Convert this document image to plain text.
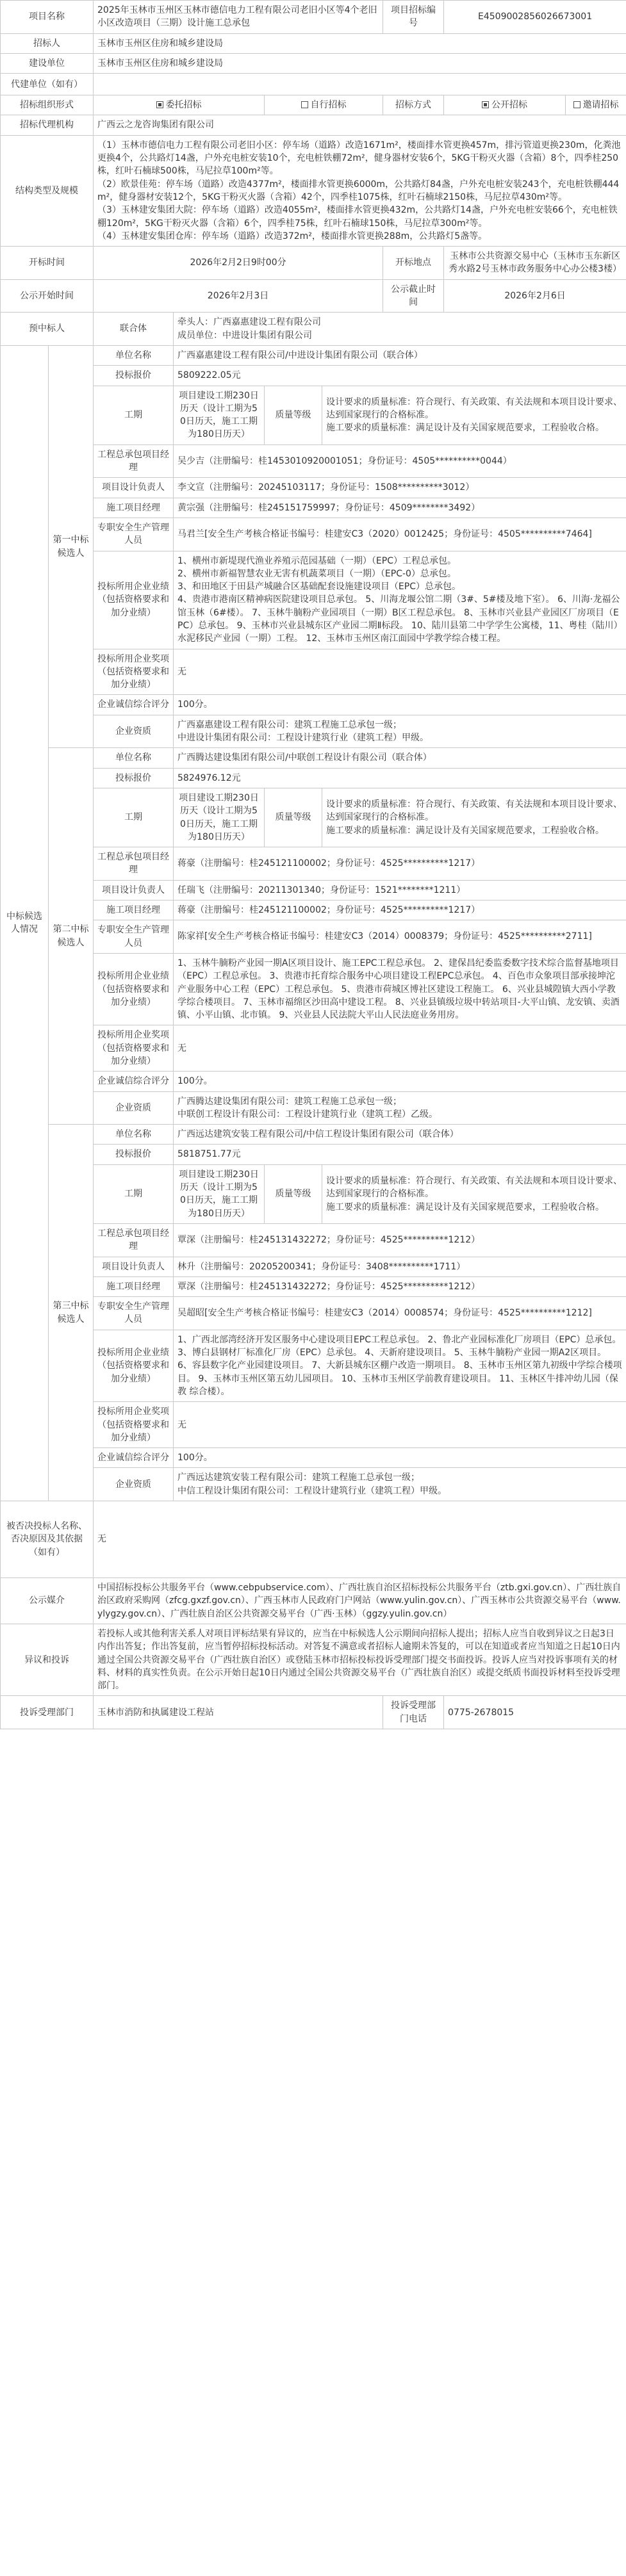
项目名称		2025年玉林市玉州区玉林市德信电力工程有限公司老旧小区等4个老旧小区改造项目（三期）设计施工总承包				项目招标编号	E4509002856026673001	
招标人		玉林市玉州区住房和城乡建设局						
建设单位		玉林市玉州区住房和城乡建设局						
代建单位（如有）								
招标组织形式		委托招标		自行招标		招标方式	公开招标	邀请招标
招标代理机构		广西云之龙咨询集团有限公司						
结构类型及规模		（1）玉林市德信电力工程有限公司老旧小区：停车场（道路）改造1671m²，楼面排水管更换457m，排污管道更换230m，化粪池更换4个，公共路灯14盏，户外充电桩安装10个，充电桩铁棚72m²，健身器材安装6个，5KG干粉灭火器（含箱）8个，四季桂250株，红叶石楠球500株，马尼拉草100m²等。
（2）欧景佳苑：停车场（道路）改造4377m²，楼面排水管更换6000m，公共路灯84盏，户外充电桩安装243个，充电桩铁棚444m²，健身器材安装12个，5KG干粉灭火器（含箱）42个，四季桂1075株，红叶石楠球2150株，马尼拉草430m²等。
（3）玉林建安集团大院：停车场（道路）改造4055m²，楼面排水管更换432m，公共路灯14盏，户外充电桩安装66个，充电桩铁棚120m²，5KG干粉灭火器（含箱）6个，四季桂75株，红叶石楠球150株，马尼拉草300m²等。
（4）玉林建安集团仓库：停车场（道路）改造372m²，楼面排水管更换288m，公共路灯5盏等。						
开标时间		2026年2月2日9时00分				开标地点	玉林市公共资源交易中心（玉林市玉东新区秀水路2号玉林市政务服务中心办公楼3楼）	
公示开始时间		2026年2月3日				公示截止时间	2026年2月6日	
预中标人		联合体	牵头人：广西嘉惠建设工程有限公司
成员单位：中进设计集团有限公司					
中标候选人情况	第一中标候选人	单位名称	广西嘉惠建设工程有限公司/中进设计集团有限公司（联合体）					
		投标报价	5809222.05元					
		工期	项目建设工期230日历天（设计工期为50日历天，施工工期为180日历天）	质量等级	设计要求的质量标准：符合现行、有关政策、有关法规和本项目设计要求、达到国家现行的合格标准。
施工要求的质量标准：满足设计及有关国家规范要求，工程验收合格。			
		工程总承包项目经理	吴少吉（注册编号：桂1453010920001051；身份证号：4505**********0044）					
		项目设计负责人	李文宣（注册编号：20245103117；身份证号：1508**********3012）					
		施工项目经理	黄宗强（注册编号：桂245151759997；身份证号：4509********3492）					
		专职安全生产管理人员	马君兰[安全生产考核合格证书编号：桂建安C3（2020）0012425；身份证号：4505**********7464]					
		投标所用企业业绩（包括资格要求和加分业绩）	1、横州市新堤现代渔业养殖示范园基础（一期）（EPC）工程总承包。
2、横州市新福智慧农业无害有机蔬菜项目（一期）（EPC-0）总承包。
3、和田地区于田县产城融合区基础配套设施建设项目（EPC）总承包。
4、贵港市港南区精神病医院建设项目总承包。 5、川海龙堰公馆二期（3#、5#楼及地下室）。 6、川海·龙福公馆玉林（6#楼）。 7、玉林牛腩粉产业园项目（一期）B区工程总承包。 8、玉林市兴业县产业园区厂房项目（EPC）总承包。 9、玉林市兴业县城东区产业园二期Ⅱ标段。 10、陆川县第二中学学生公寓楼，11、粤桂（陆川）水泥移民产业园（一期）工程。 12、玉林市玉州区南江面园中学教学综合楼工程。					

		投标所用企业奖项（包括资格要求和加分业绩）	无					
		企业诚信综合评分	100分。					
		企业资质	广西嘉惠建设工程有限公司：建筑工程施工总承包一级；
中进设计集团有限公司：工程设计建筑行业（建筑工程）甲级。					
	第二中标候选人	单位名称	广西腾达建设集团有限公司/中联创工程设计有限公司（联合体）					
		投标报价	5824976.12元					
		工期	项目建设工期230日历天（设计工期为50日历天，施工工期为180日历天）	质量等级	设计要求的质量标准：符合现行、有关政策、有关法规和本项目设计要求、达到国家现行的合格标准。
施工要求的质量标准：满足设计及有关国家规范要求，工程验收合格。			
		工程总承包项目经理	蒋豪（注册编号：桂245121100002；身份证号：4525**********1217）					
		项目设计负责人	任瑞飞（注册编号：20211301340；身份证号：1521********1211）					
		施工项目经理	蒋豪（注册编号：桂245121100002；身份证号：4525**********1217）					
		专职安全生产管理人员	陈家祥[安全生产考核合格证书编号：桂建安C3（2014）0008379；身份证号：4525**********2711]					
		投标所用企业业绩（包括资格要求和加分业绩）	1、玉林牛腩粉产业园一期A区项目设计、施工EPC工程总承包。 2、建保昌纪委监委数字技术综合监督基地项目（EPC）工程总承包。 3、贵港市托育综合服务中心项目建设工程EPC总承包。 4、百色市众象项目部承接坤沱产业服务中心工程（EPC）工程总承包。 5、贵港市荷城区博社区建设工程施工。 6、兴业县城隍镇大西小学教学综合楼项目。 7、玉林市福绵区沙田高中建设工程。 8、兴业县镇级垃圾中转站项目-大平山镇、龙安镇、卖酒镇、小平山镇、北市镇。 9、兴业县人民法院大平山人民法庭业务用房。					

		投标所用企业奖项（包括资格要求和加分业绩）	无					
		企业诚信综合评分	100分。					
		企业资质	广西腾达建设集团有限公司：建筑工程施工总承包一级；
中联创工程设计有限公司：工程设计建筑行业（建筑工程）乙级。					
	第三中标候选人	单位名称	广西远达建筑安装工程有限公司/中信工程设计集团有限公司（联合体）					
		投标报价	5818751.77元					
		工期	项目建设工期230日历天（设计工期为50日历天，施工工期为180日历天）	质量等级	设计要求的质量标准：符合现行、有关政策、有关法规和本项目设计要求、达到国家现行的合格标准。
施工要求的质量标准：满足设计及有关国家规范要求，工程验收合格。			
		工程总承包项目经理	覃深（注册编号：桂245131432272；身份证号：4525**********1212）					
		项目设计负责人	林升（注册编号：20205200341；身份证号：3408**********1711）					
		施工项目经理	覃深（注册编号：桂245131432272；身份证号：4525**********1212）					
		专职安全生产管理人员	吴超昭[安全生产考核合格证书编号：桂建安C3（2014）0008574；身份证号：4525**********1212]					
		投标所用企业业绩（包括资格要求和加分业绩）	1、广西北部湾经济开发区服务中心建设项目EPC工程总承包。 2、鲁北产业园标准化厂房项目（EPC）总承包。 3、博白县钢材厂标准化厂房（EPC）总承包。 4、天新府建设项目。 5、玉林牛腩粉产业园一期A2区项目。 6、容县数字化产业园建设项目。 7、大新县城东区棚户改造一期项目。 8、玉林市玉州区第九初级中学综合楼项目。 9、玉林市玉州区第五幼儿园项目。 10、玉林市玉州区学前教育建设项目。 11、玉林区牛排冲幼儿园（保教 综合楼）。					

		投标所用企业奖项（包括资格要求和加分业绩）	无					
		企业诚信综合评分	100分。					
		企业资质	广西远达建筑安装工程有限公司：建筑工程施工总承包一级；
中信工程设计集团有限公司：工程设计建筑行业（建筑工程）甲级。					
被否决投标人名称、否决原因及其依据（如有）		无						
公示媒介		中国招标投标公共服务平台（www.cebpubservice.com）、广西壮族自治区招标投标公共服务平台（ztb.gxi.gov.cn）、广西壮族自治区政府采购网（zfcg.gxzf.gov.cn）、广西玉林市人民政府门户网站（www.yulin.gov.cn）、广西玉林市公共资源交易平台（www.ylygzy.gov.cn）、广西壮族自治区公共资源交易平台（广西·玉林）（ggzy.yulin.gov.cn）						
异议和投诉		若投标人或其他利害关系人对项目评标结果有异议的，应当在中标候选人公示期间向招标人提出；招标人应当自收到异议之日起3日内作出答复；作出答复前，应当暂停招标投标活动。对答复不满意或者招标人逾期未答复的，可以在知道或者应当知道之日起10日内通过全国公共资源交易平台（广西壮族自治区）或登陆玉林市招标投标投诉受理部门提交书面投诉。投诉人应当对投诉事项有关的材料、材料的真实性负责。在公示开始日起10日内通过全国公共资源交易平台（广西壮族自治区）或提交纸质书面投诉材料至投诉受理部门。						
投诉受理部门		玉林市消防和执属建设工程站				投诉受理部门电话	0775-2678015	
